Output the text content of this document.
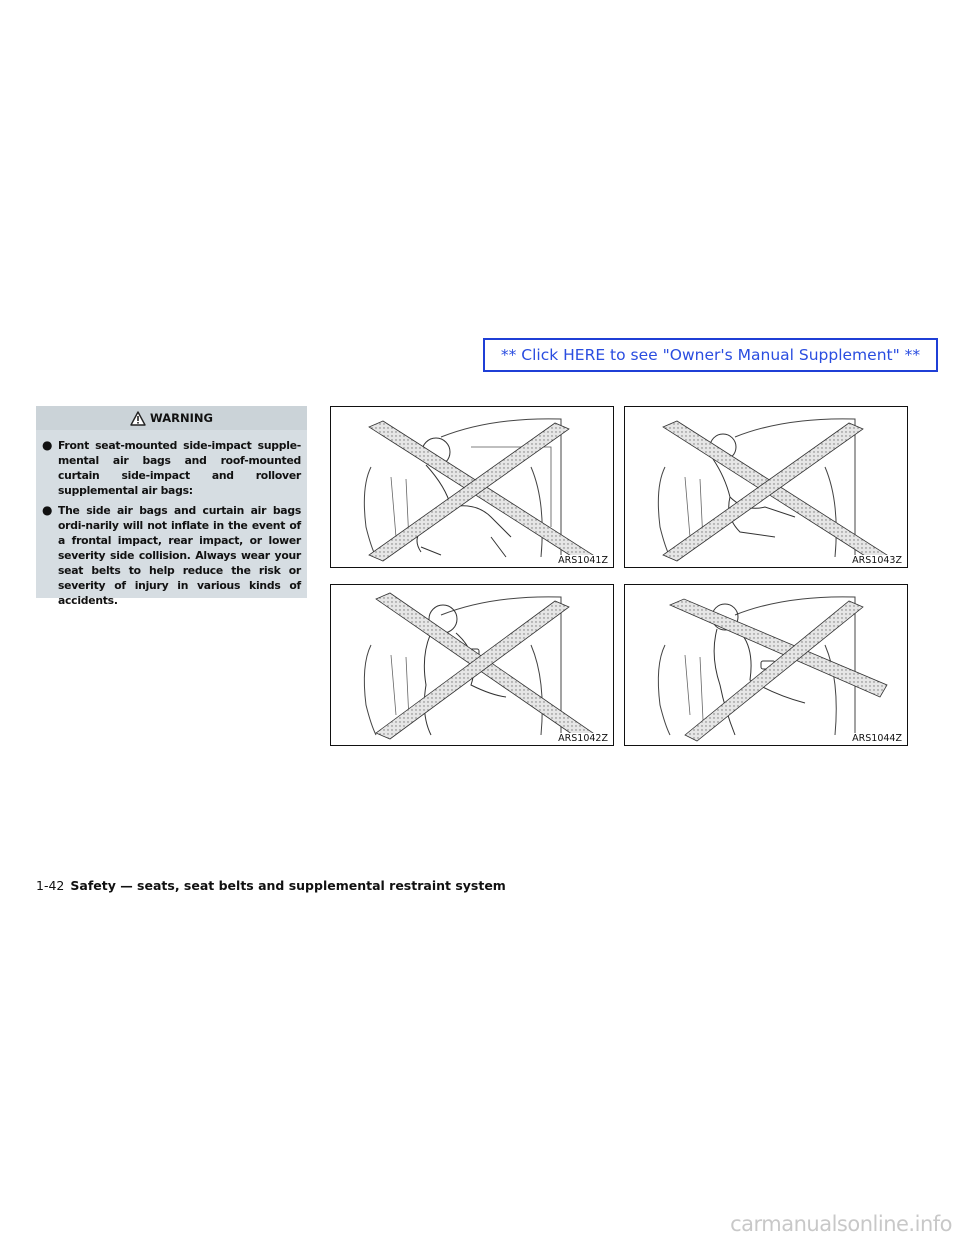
** Click HERE to see "Owner's Manual Supplement" **
WARNING
● Front seat-mounted side-impact supple-mental air bags and roof-mounted curtain side-impact and rollover supplemental air bags:
● The side air bags and curtain air bags ordi-narily will not inflate in the event of a frontal impact, rear impact, or lower severity side collision. Always wear your seat belts to help reduce the risk or severity of injury in various kinds of accidents.
ARS1041Z	ARS1043Z
ARS1042Z	ARS1044Z
1-42 Safety — seats, seat belts and supplemental restraint system
carmanualsonline.info
